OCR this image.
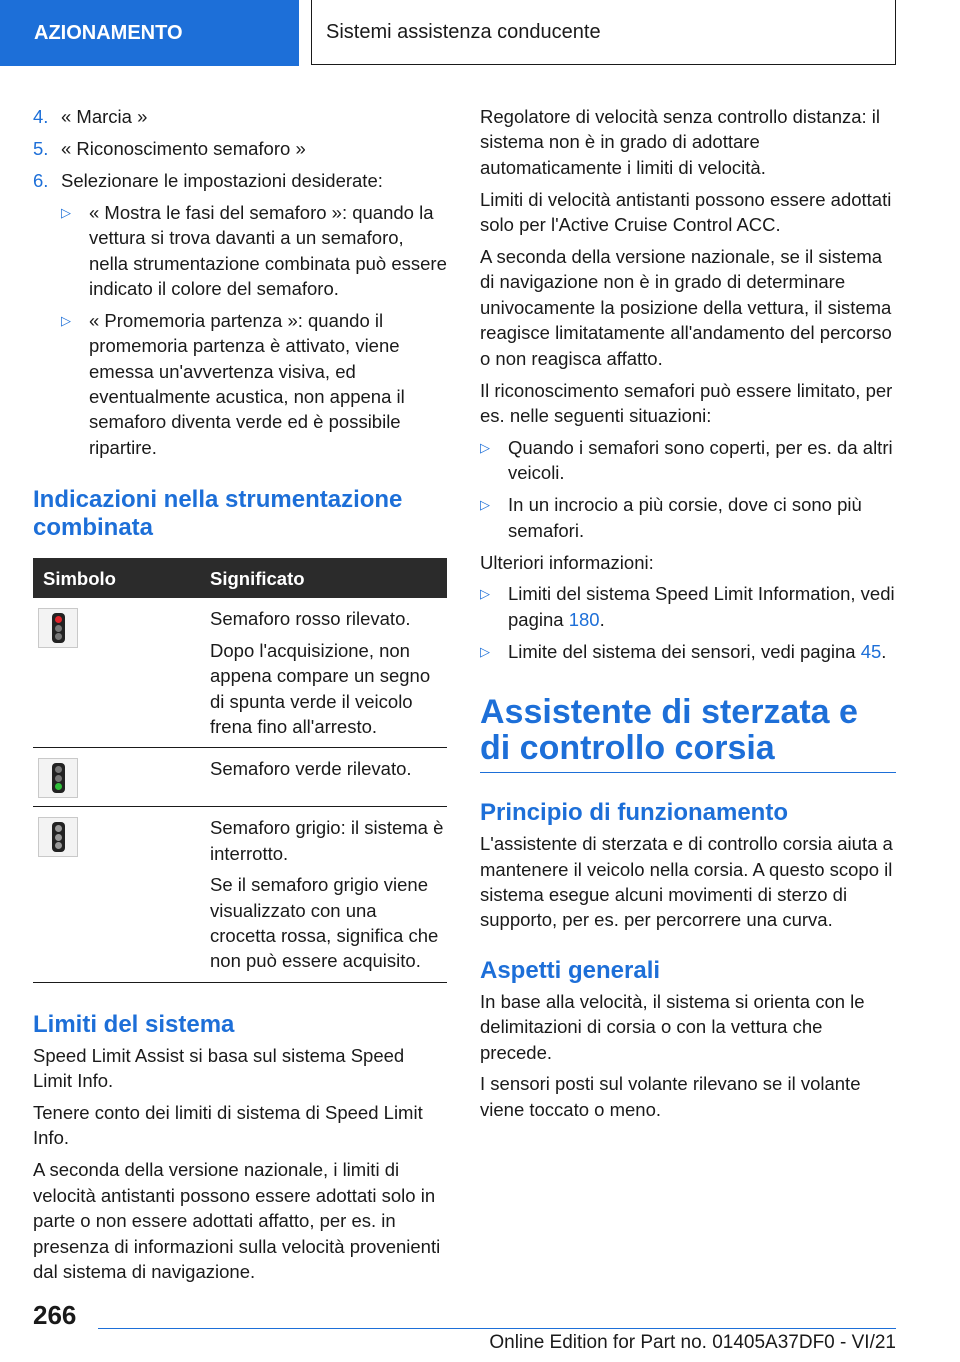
AZIONAMENTO	Sistemi assistenza conducente
4. « Marcia »
5. « Riconoscimento semaforo »
6. Selezionare le impostazioni desiderate:
▷ « Mostra le fasi del semaforo »: quando la vettura si trova davanti a un semaforo, nella strumentazione combinata può essere indicato il colore del semaforo.
▷ « Promemoria partenza »: quando il promemoria partenza è attivato, viene emessa un'avvertenza visiva, ed eventualmente acustica, non appena il semaforo diventa verde ed è possibile ripartire.
Indicazioni nella strumentazione combinata
Simbolo	Significato

	Semaforo rosso rilevato.

Dopo l'acquisizione, non appena compare un segno di spunta verde il veicolo frena fino all'arresto.

	Semaforo verde rilevato.

	Semaforo grigio: il sistema è interrotto.

Se il semaforo grigio viene visualizzato con una crocetta rossa, significa che non può essere acquisito.

Limiti del sistema

Speed Limit Assist si basa sul sistema Speed Limit Info.

Tenere conto dei limiti di sistema di Speed Limit Info.

A seconda della versione nazionale, i limiti di velocità antistanti possono essere adottati solo in parte o non essere adottati affatto, per es. in presenza di informazioni sulla velocità provenienti dal sistema di navigazione.

Regolatore di velocità senza controllo distanza: il sistema non è in grado di adottare automaticamente i limiti di velocità.

Limiti di velocità antistanti possono essere adottati solo per l'Active Cruise Control ACC.

A seconda della versione nazionale, se il sistema di navigazione non è in grado di determinare univocamente la posizione della vettura, il sistema reagisce limitatamente all'andamento del percorso o non reagisca affatto.

Il riconoscimento semafori può essere limitato, per es. nelle seguenti situazioni:

▷ Quando i semafori sono coperti, per es. da altri veicoli.
▷ In un incrocio a più corsie, dove ci sono più semafori.

Ulteriori informazioni:

▷ Limiti del sistema Speed Limit Information, vedi pagina 180.
▷ Limite del sistema dei sensori, vedi pagina 45.
Assistente di sterzata e di controllo corsia
Principio di funzionamento

L'assistente di sterzata e di controllo corsia aiuta a mantenere il veicolo nella corsia. A questo scopo il sistema esegue alcuni movimenti di sterzo di supporto, per es. per percorrere una curva.

Aspetti generali

In base alla velocità, il sistema si orienta con le delimitazioni di corsia o con la vettura che precede.

I sensori posti sul volante rilevano se il volante viene toccato o meno.

266
Online Edition for Part no. 01405A37DF0 - VI/21
